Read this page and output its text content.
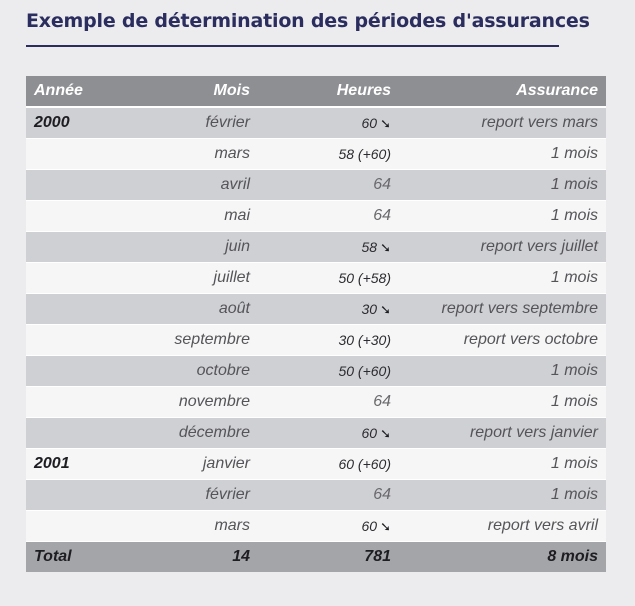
Exemple de détermination des périodes d'assurances
Année	Mois	Heures	Assurance
2000	février	60 ➘	report vers mars
	mars	58 (+60)	1 mois
	avril	64	1 mois
	mai	64	1 mois
	juin	58 ➘	report vers juillet
	juillet	50 (+58)	1 mois
	août	30 ➘	report vers septembre
	septembre	30 (+30)	report vers octobre
	octobre	50 (+60)	1 mois
	novembre	64	1 mois
	décembre	60 ➘	report vers janvier
2001	janvier	60 (+60)	1 mois
	février	64	1 mois
	mars	60 ➘	report vers avril
Total	14	781	8 mois
